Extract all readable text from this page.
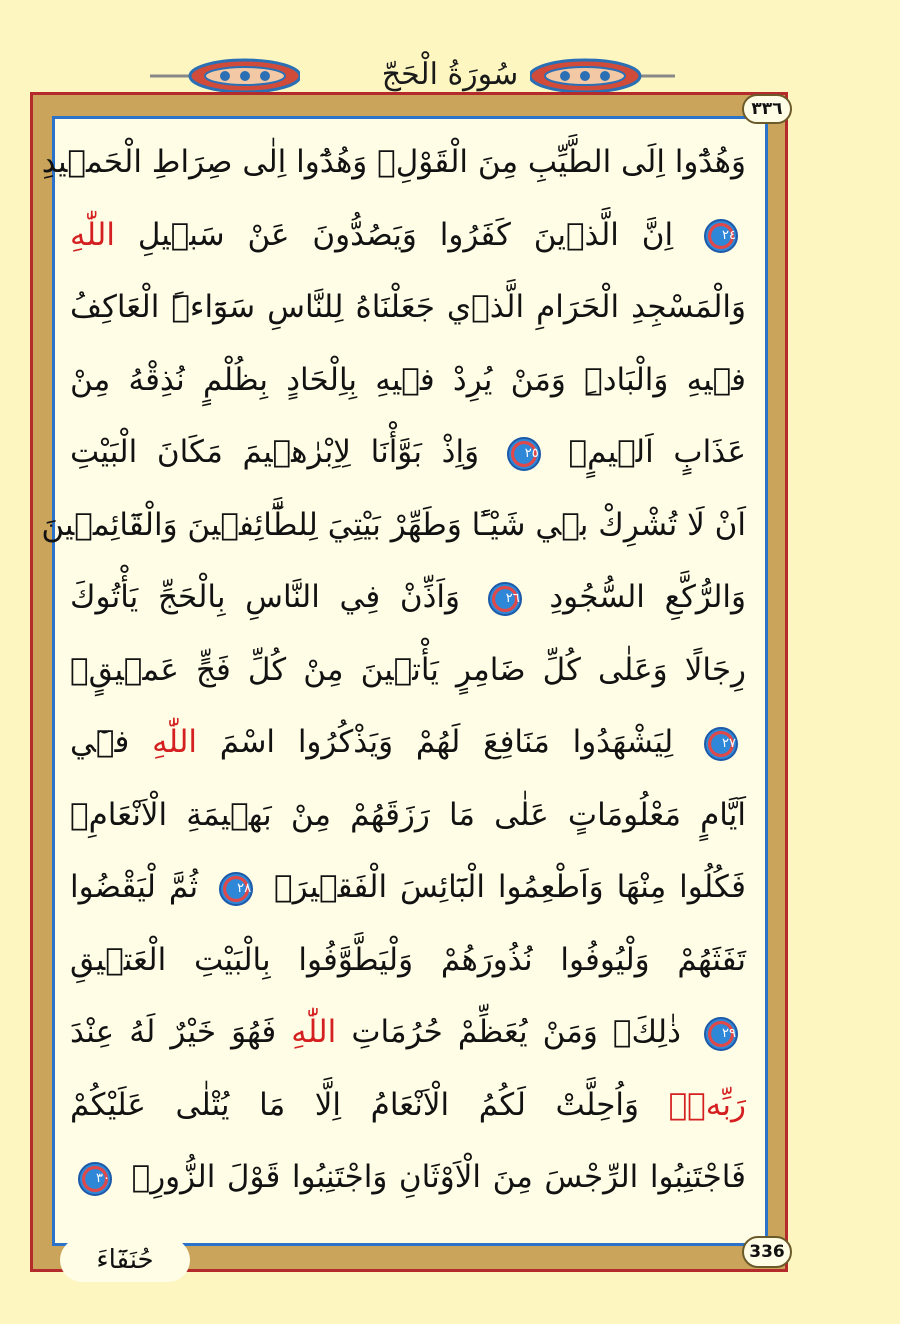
سُورَةُ الْحَجّ
٣٣٦
وَهُدُٓوا اِلَى الطَّيِّبِ مِنَ الْقَوْلِۚ وَهُدُٓوا اِلٰى صِرَاطِ الْحَم۪يدِ
٢٤ اِنَّ الَّذ۪ينَ كَفَرُوا وَيَصُدُّونَ عَنْ سَب۪يلِ اللّٰهِ
وَالْمَسْجِدِ الْحَرَامِ الَّذ۪ي جَعَلْنَاهُ لِلنَّاسِ سَوَٓاءًۨ الْعَاكِفُ
ف۪يهِ وَالْبَادِۜ وَمَنْ يُرِدْ ف۪يهِ بِاِلْحَادٍ بِظُلْمٍ نُذِقْهُ مِنْ
عَذَابٍ اَل۪يمٍ۟ ٢٥ وَاِذْ بَوَّأْنَا لِاِبْرٰه۪يمَ مَكَانَ الْبَيْتِ
اَنْ لَا تُشْرِكْ ب۪ي شَيْـًٔا وَطَهِّرْ بَيْتِيَ لِلطَّٓائِف۪ينَ وَالْقَٓائِم۪ينَ
وَالرُّكَّعِ السُّجُودِ ٢٦ وَاَذِّنْ فِي النَّاسِ بِالْحَجِّ يَأْتُوكَ
رِجَالًا وَعَلٰى كُلِّ ضَامِرٍ يَأْت۪ينَ مِنْ كُلِّ فَجٍّ عَم۪يقٍۙ
٢٧ لِيَشْهَدُوا مَنَافِعَ لَهُمْ وَيَذْكُرُوا اسْمَ اللّٰهِ ف۪ٓي
اَيَّامٍ مَعْلُومَاتٍ عَلٰى مَا رَزَقَهُمْ مِنْ بَه۪يمَةِ الْاَنْعَامِۚ
فَكُلُوا مِنْهَا وَاَطْعِمُوا الْبَٓائِسَ الْفَق۪يرَۘ ٢٨ ثُمَّ لْيَقْضُوا
تَفَثَهُمْ وَلْيُوفُوا نُذُورَهُمْ وَلْيَطَّوَّفُوا بِالْبَيْتِ الْعَت۪يقِ
٢٩ ذٰلِكَۗ وَمَنْ يُعَظِّمْ حُرُمَاتِ اللّٰهِ فَهُوَ خَيْرٌ لَهُ عِنْدَ
رَبِّه۪ۜ وَاُحِلَّتْ لَكُمُ الْاَنْعَامُ اِلَّا مَا يُتْلٰى عَلَيْكُمْ
فَاجْتَنِبُوا الرِّجْسَ مِنَ الْاَوْثَانِ وَاجْتَنِبُوا قَوْلَ الزُّورِۙ ٣٠
336
حُنَفَٓاءَ
